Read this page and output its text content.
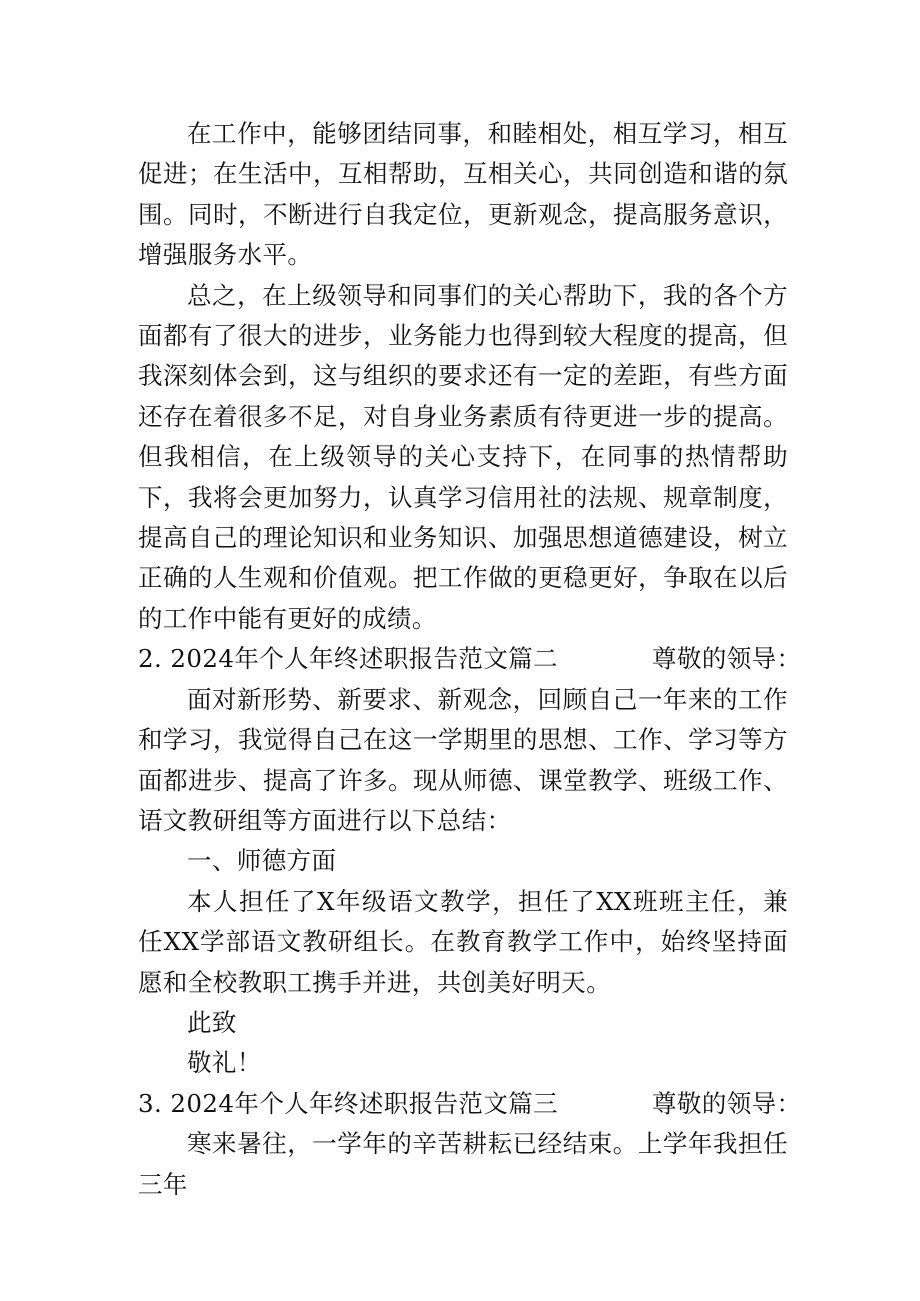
在工作中，能够团结同事，和睦相处，相互学习，相互促进；在生活中，互相帮助，互相关心，共同创造和谐的氛围。同时，不断进行自我定位，更新观念，提高服务意识，增强服务水平。

总之，在上级领导和同事们的关心帮助下，我的各个方面都有了很大的进步，业务能力也得到较大程度的提高，但我深刻体会到，这与组织的要求还有一定的差距，有些方面还存在着很多不足，对自身业务素质有待更进一步的提高。但我相信，在上级领导的关心支持下，在同事的热情帮助下，我将会更加努力，认真学习信用社的法规、规章制度，提高自己的理论知识和业务知识、加强思想道德建设，树立正确的人生观和价值观。把工作做的更稳更好，争取在以后的工作中能有更好的成绩。

2. 2024年个人年终述职报告范文篇二	尊敬的领导：

面对新形势、新要求、新观念，回顾自己一年来的工作和学习，我觉得自己在这一学期里的思想、工作、学习等方面都进步、提高了许多。现从师德、课堂教学、班级工作、语文教研组等方面进行以下总结：

一、师德方面

本人担任了X年级语文教学，担任了XX班班主任，兼任XX学部语文教研组长。在教育教学工作中，始终坚持面愿和全校教职工携手并进，共创美好明天。

此致

敬礼！

3. 2024年个人年终述职报告范文篇三	尊敬的领导：

寒来暑往，一学年的辛苦耕耘已经结束。上学年我担任三年
